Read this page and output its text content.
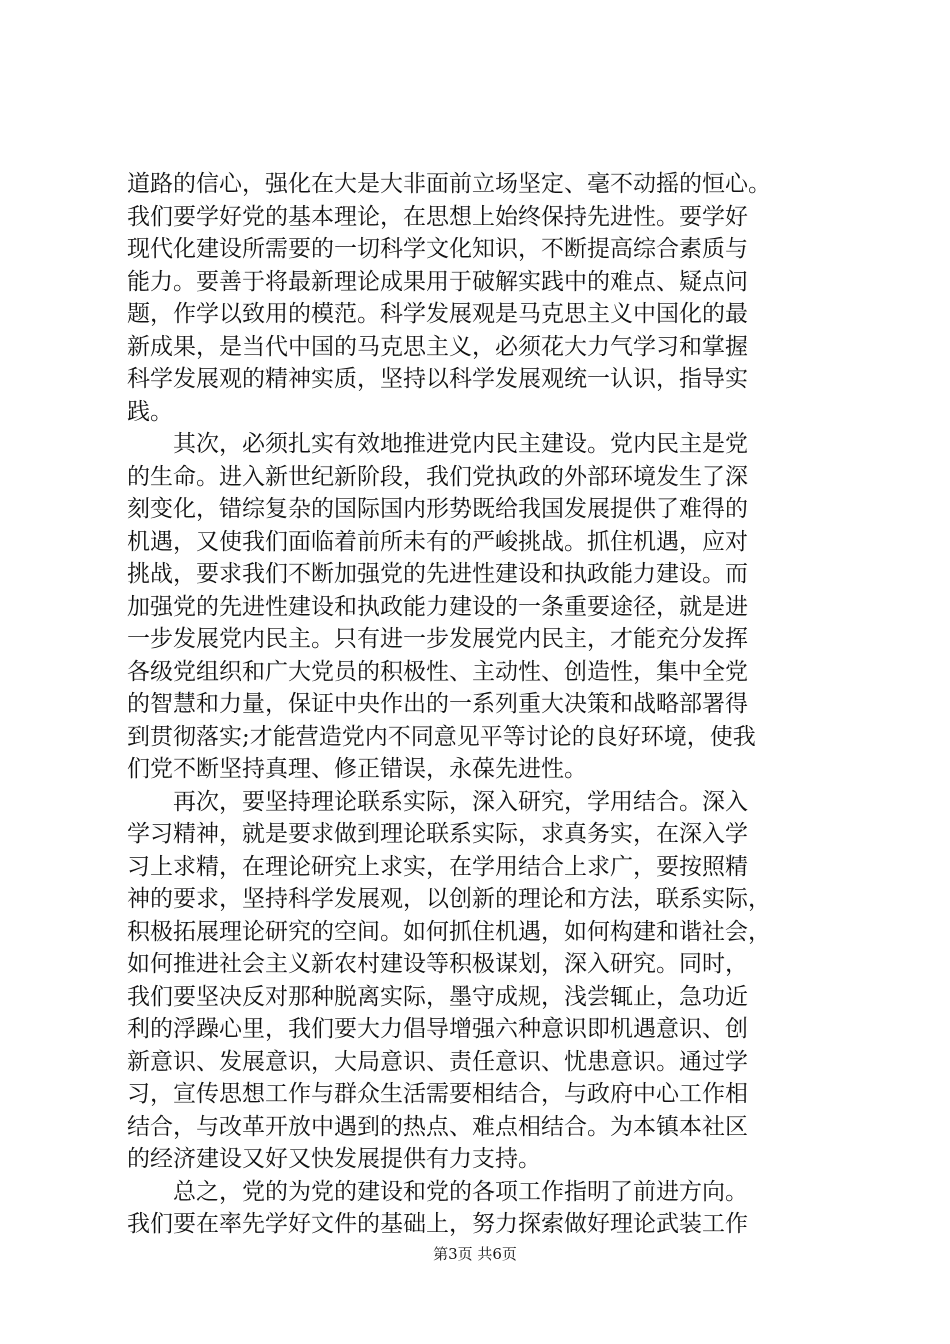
道路的信心，强化在大是大非面前立场坚定、毫不动摇的恒心。
我们要学好党的基本理论，在思想上始终保持先进性。要学好
现代化建设所需要的一切科学文化知识，不断提高综合素质与
能力。要善于将最新理论成果用于破解实践中的难点、疑点问
题，作学以致用的模范。科学发展观是马克思主义中国化的最
新成果，是当代中国的马克思主义，必须花大力气学习和掌握
科学发展观的精神实质，坚持以科学发展观统一认识，指导实
践。
　　其次，必须扎实有效地推进党内民主建设。党内民主是党
的生命。进入新世纪新阶段，我们党执政的外部环境发生了深
刻变化，错综复杂的国际国内形势既给我国发展提供了难得的
机遇，又使我们面临着前所未有的严峻挑战。抓住机遇，应对
挑战，要求我们不断加强党的先进性建设和执政能力建设。而
加强党的先进性建设和执政能力建设的一条重要途径，就是进
一步发展党内民主。只有进一步发展党内民主，才能充分发挥
各级党组织和广大党员的积极性、主动性、创造性，集中全党
的智慧和力量，保证中央作出的一系列重大决策和战略部署得
到贯彻落实;才能营造党内不同意见平等讨论的良好环境，使我
们党不断坚持真理、修正错误，永葆先进性。
　　再次，要坚持理论联系实际，深入研究，学用结合。深入
学习精神，就是要求做到理论联系实际，求真务实，在深入学
习上求精，在理论研究上求实，在学用结合上求广，要按照精
神的要求，坚持科学发展观，以创新的理论和方法，联系实际，
积极拓展理论研究的空间。如何抓住机遇，如何构建和谐社会，
如何推进社会主义新农村建设等积极谋划，深入研究。同时，
我们要坚决反对那种脱离实际，墨守成规，浅尝辄止，急功近
利的浮躁心里，我们要大力倡导增强六种意识即机遇意识、创
新意识、发展意识，大局意识、责任意识、忧患意识。通过学
习，宣传思想工作与群众生活需要相结合，与政府中心工作相
结合，与改革开放中遇到的热点、难点相结合。为本镇本社区
的经济建设又好又快发展提供有力支持。
　　总之，党的为党的建设和党的各项工作指明了前进方向。
我们要在率先学好文件的基础上，努力探索做好理论武装工作
第3页 共6页
